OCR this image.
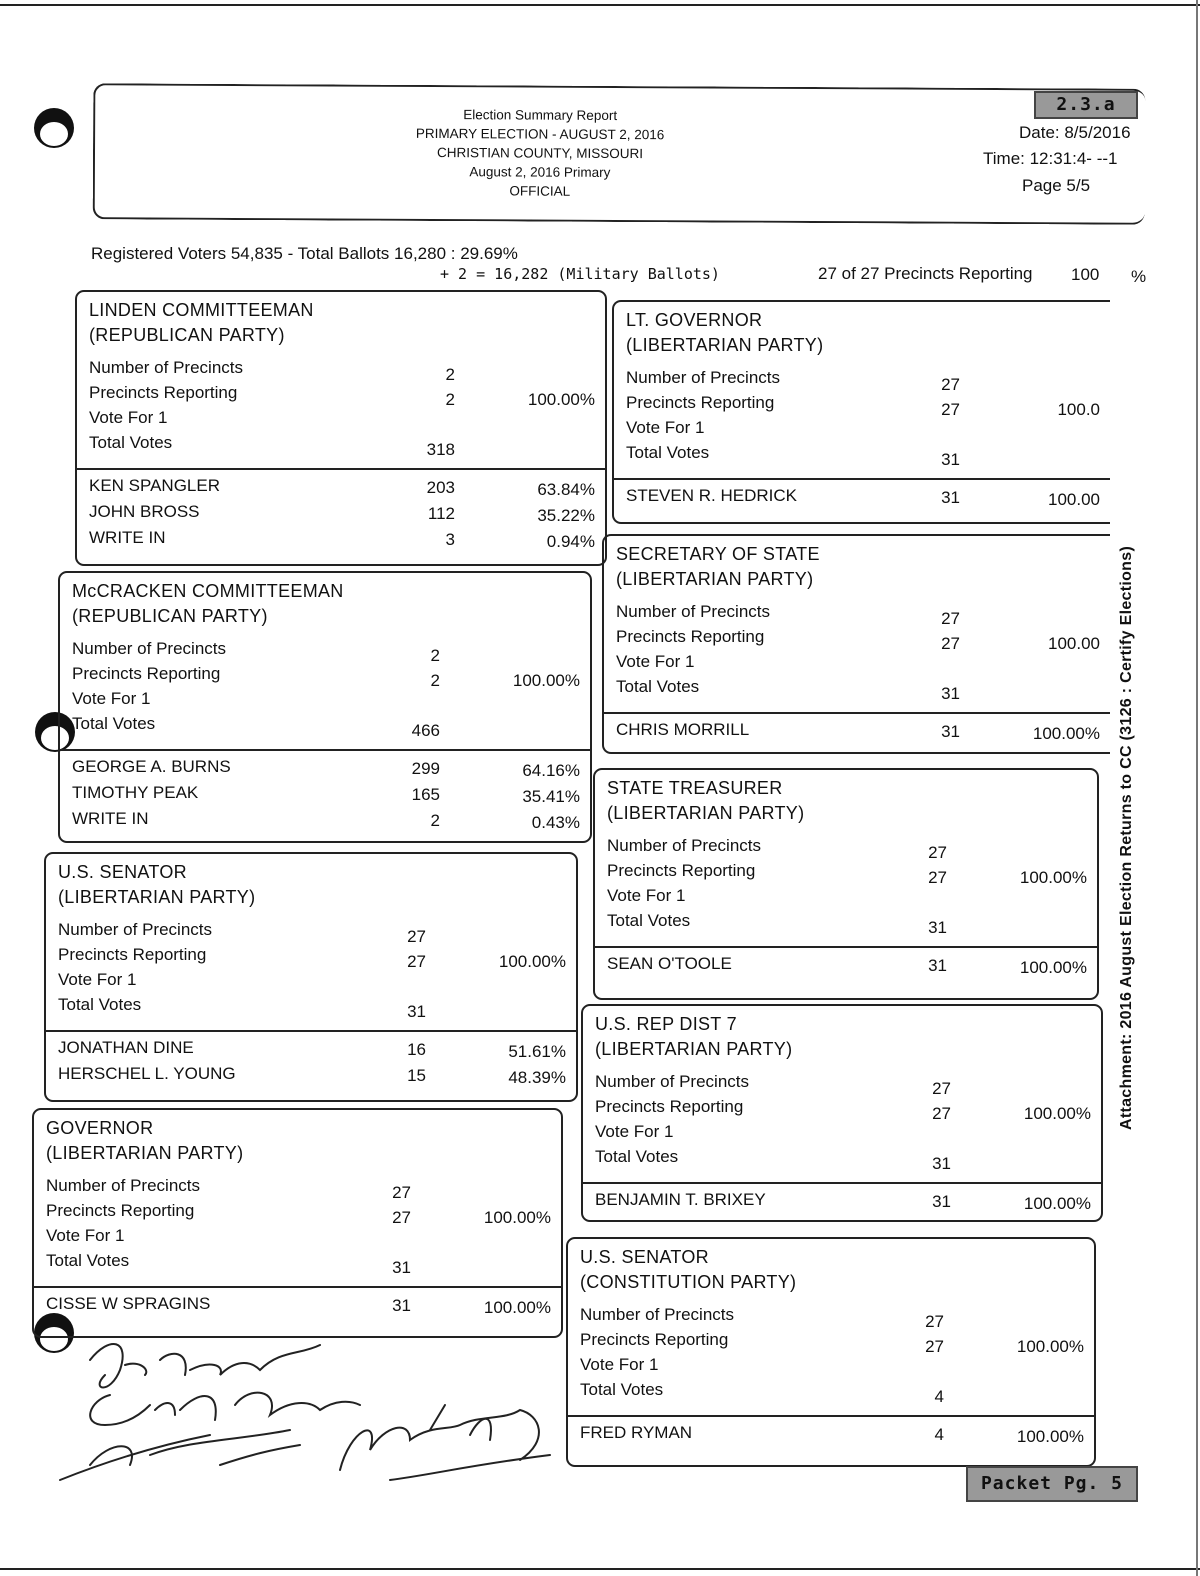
Election Summary Report
PRIMARY ELECTION - AUGUST 2, 2016
CHRISTIAN COUNTY, MISSOURI
August 2, 2016 Primary
OFFICIAL
2.3.a
Date: 8/5/2016
Time: 12:31:4‐ ‐‐1
Page 5/5
Registered Voters 54,835 - Total Ballots 16,280 : 29.69%
+ 2 = 16,282 (Military Ballots)	27 of 27 Precincts Reporting 100 %
LINDEN COMMITTEEMAN
(REPUBLICAN PARTY)
Number of Precincts	2
Precincts Reporting	2	100.00%
Vote For 1
Total Votes	318
KEN SPANGLER	203	63.84%
JOHN BROSS	112	35.22%
WRITE IN	3	0.94%
McCRACKEN COMMITTEEMAN
(REPUBLICAN PARTY)
Number of Precincts	2
Precincts Reporting	2	100.00%
Vote For 1
Total Votes	466
GEORGE A. BURNS	299	64.16%
TIMOTHY PEAK	165	35.41%
WRITE IN	2	0.43%
U.S. SENATOR
(LIBERTARIAN PARTY)
Number of Precincts	27
Precincts Reporting	27	100.00%
Vote For 1
Total Votes	31
JONATHAN DINE	16	51.61%
HERSCHEL L. YOUNG	15	48.39%
GOVERNOR
(LIBERTARIAN PARTY)
Number of Precincts	27
Precincts Reporting	27	100.00%
Vote For 1
Total Votes	31
CISSE W SPRAGINS	31	100.00%
LT. GOVERNOR
(LIBERTARIAN PARTY)
Number of Precincts	27
Precincts Reporting	27	100.0
Vote For 1
Total Votes	31
STEVEN R. HEDRICK	31	100.00
SECRETARY OF STATE
(LIBERTARIAN PARTY)
Number of Precincts	27
Precincts Reporting	27	100.00
Vote For 1
Total Votes	31
CHRIS MORRILL	31	100.00%
STATE TREASURER
(LIBERTARIAN PARTY)
Number of Precincts	27
Precincts Reporting	27	100.00%
Vote For 1
Total Votes	31
SEAN O'TOOLE	31	100.00%
U.S. REP DIST 7
(LIBERTARIAN PARTY)
Number of Precincts	27
Precincts Reporting	27	100.00%
Vote For 1
Total Votes	31
BENJAMIN T. BRIXEY	31	100.00%
U.S. SENATOR
(CONSTITUTION PARTY)
Number of Precincts	27
Precincts Reporting	27	100.00%
Vote For 1
Total Votes	4
FRED RYMAN	4	100.00%
Attachment: 2016 August Election Returns to CC (3126 : Certify Elections)
Packet Pg. 5
